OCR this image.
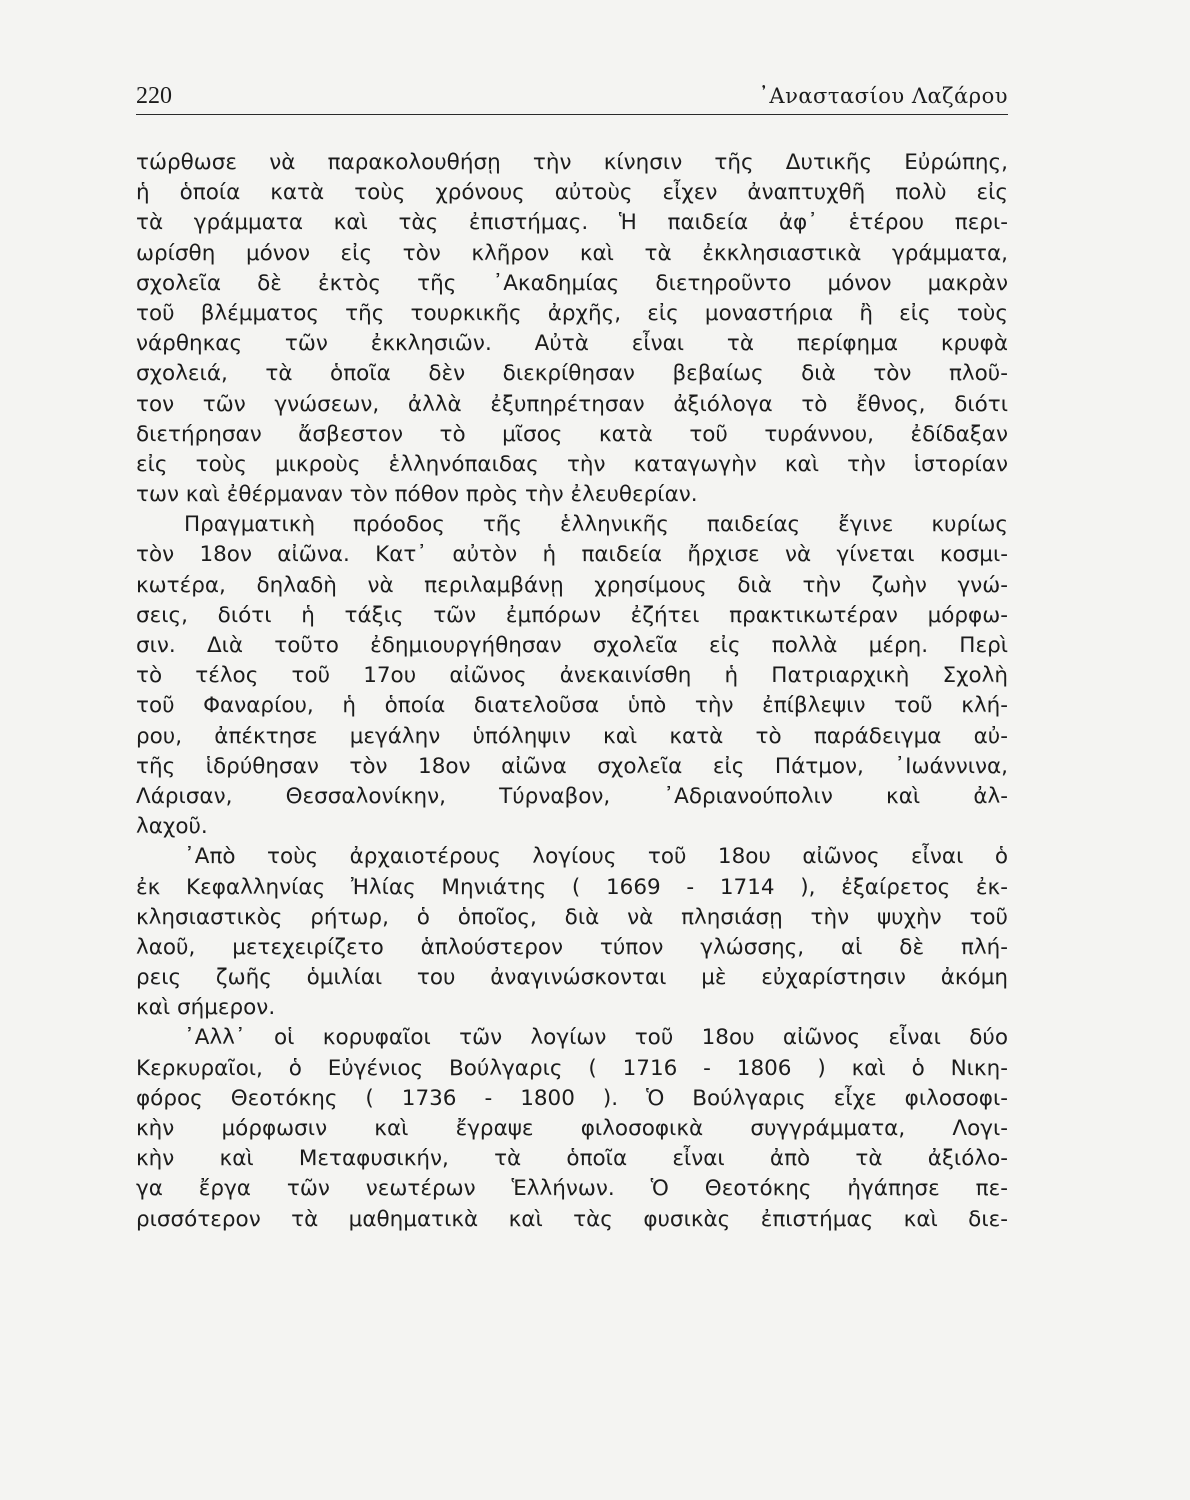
220	᾿Αναστασίου Λαζάρου
τώρθωσε νὰ παρακολουθήσῃ τὴν κίνησιν τῆς Δυτικῆς Εὐρώπης,
ἡ ὁποία κατὰ τοὺς χρόνους αὐτοὺς εἶχεν ἀναπτυχθῆ πολὺ εἰς
τὰ γράμματα καὶ τὰς ἐπιστήμας. Ἡ παιδεία ἀφ᾿ ἑτέρου περι-
ωρίσθη μόνον εἰς τὸν κλῆρον καὶ τὰ ἐκκλησιαστικὰ γράμματα,
σχολεῖα δὲ ἐκτὸς τῆς ᾿Ακαδημίας διετηροῦντο μόνον μακρὰν
τοῦ βλέμματος τῆς τουρκικῆς ἀρχῆς, εἰς μοναστήρια ἢ εἰς τοὺς
νάρθηκας τῶν ἐκκλησιῶν. Αὐτὰ εἶναι τὰ περίφημα κρυφὰ
σχολειά, τὰ ὁποῖα δὲν διεκρίθησαν βεβαίως διὰ τὸν πλοῦ-
τον τῶν γνώσεων, ἀλλὰ ἐξυπηρέτησαν ἀξιόλογα τὸ ἔθνος, διότι
διετήρησαν ἄσβεστον τὸ μῖσος κατὰ τοῦ τυράννου, ἐδίδαξαν
εἰς τοὺς μικροὺς ἑλληνόπαιδας τὴν καταγωγὴν καὶ τὴν ἱστορίαν
των καὶ ἐθέρμαναν τὸν πόθον πρὸς τὴν ἐλευθερίαν.
Πραγματικὴ πρόοδος τῆς ἑλληνικῆς παιδείας ἔγινε κυρίως
τὸν 18ον αἰῶνα. Κατ᾿ αὐτὸν ἡ παιδεία ἤρχισε νὰ γίνεται κοσμι-
κωτέρα, δηλαδὴ νὰ περιλαμβάνῃ χρησίμους διὰ τὴν ζωὴν γνώ-
σεις, διότι ἡ τάξις τῶν ἐμπόρων ἐζήτει πρακτικωτέραν μόρφω-
σιν. Διὰ τοῦτο ἐδημιουργήθησαν σχολεῖα εἰς πολλὰ μέρη. Περὶ
τὸ τέλος τοῦ 17ου αἰῶνος ἀνεκαινίσθη ἡ Πατριαρχικὴ Σχολὴ
τοῦ Φαναρίου, ἡ ὁποία διατελοῦσα ὑπὸ τὴν ἐπίβλεψιν τοῦ κλή-
ρου, ἀπέκτησε μεγάλην ὑπόληψιν καὶ κατὰ τὸ παράδειγμα αὐ-
τῆς ἱδρύθησαν τὸν 18ον αἰῶνα σχολεῖα εἰς Πάτμον, ᾿Ιωάννινα,
Λάρισαν, Θεσσαλονίκην, Τύρναβον, ᾿Αδριανούπολιν καὶ ἀλ-
λαχοῦ.
᾿Απὸ τοὺς ἀρχαιοτέρους λογίους τοῦ 18ου αἰῶνος εἶναι ὁ
ἐκ Κεφαλληνίας Ἠλίας Μηνιάτης ( 1669 - 1714 ), ἐξαίρετος ἐκ-
κλησιαστικὸς ρήτωρ, ὁ ὁποῖος, διὰ νὰ πλησιάσῃ τὴν ψυχὴν τοῦ
λαοῦ, μετεχειρίζετο ἁπλούστερον τύπον γλώσσης, αἱ δὲ πλή-
ρεις ζωῆς ὁμιλίαι του ἀναγινώσκονται μὲ εὐχαρίστησιν ἀκόμη
καὶ σήμερον.
᾿Αλλ᾿ οἱ κορυφαῖοι τῶν λογίων τοῦ 18ου αἰῶνος εἶναι δύο
Κερκυραῖοι, ὁ Εὐγένιος Βούλγαρις ( 1716 - 1806 ) καὶ ὁ Νικη-
φόρος Θεοτόκης ( 1736 - 1800 ). Ὁ Βούλγαρις εἶχε φιλοσοφι-
κὴν μόρφωσιν καὶ ἔγραψε φιλοσοφικὰ συγγράμματα, Λογι-
κὴν καὶ Μεταφυσικήν, τὰ ὁποῖα εἶναι ἀπὸ τὰ ἀξιόλο-
γα ἔργα τῶν νεωτέρων Ἑλλήνων. Ὁ Θεοτόκης ἠγάπησε πε-
ρισσότερον τὰ μαθηματικὰ καὶ τὰς φυσικὰς ἐπιστήμας καὶ διε-
